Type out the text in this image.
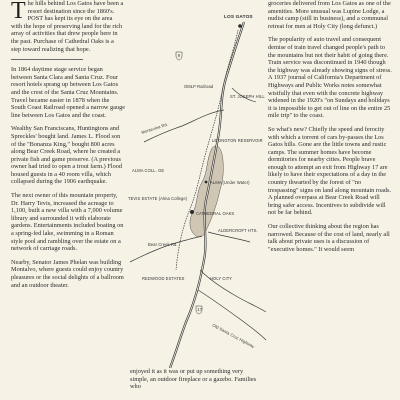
The hills behind Los Gatos have been a resort destination since the 1860's. POST has kept its eye on the area with the hope of preserving land for the rich array of activities that drew people here in the past. Purchase of Cathedral Oaks is a step toward realizing that hope.

In 1864 daytime stage service began between Santa Clara and Santa Cruz. Four resort hotels sprang up between Los Gatos and the crest of the Santa Cruz Mountains. Travel became easier in 1878 when the South Coast Railroad opened a narrow gauge line between Los Gatos and the coast.

Wealthy San Franciscans, Huntingtons and Spreckles' bought land. James L. Flood son of the "Bonanza King," bought 800 acres along Bear Creek Road, where he created a private fish and game preserve. (A previous owner had tried to open a trout farm.) Flood housed guests in a 40 room villa, which collapsed during the 1906 earthquake.

The next owner of this mountain property, Dr. Harry Tevis, increased the acreage to 1,100, built a new villa with a 7,000 volume library and surrounded it with elaborate gardens. Entertainments included boating on a spring-fed lake, swimming in a Roman style pool and rambling over the estate on a network of carriage roads.

Nearby, Senator James Phelan was building Montalvo, where guests could enjoy country pleasures or the social delights of a ballroom and an outdoor theater.

17
9
LOS GATOS
OMLP Railroad
ST. JOSEPH HILL
Montevina Rd.
LEXINGTON RESERVOIR
ALMA COLL. GE
ALMA (Under Water)
TEVIS ESTATE (Alma College)
CATHEDRAL OAKS
Bear Creek Rd.
ALDERCROFT HTS.
REDWOOD ESTATES	HOLY CITY
Old Santa Cruz Highway
enjoyed it as it was or put up something very simple, an outdoor fireplace or a gazebo. Families who

groceries delivered from Los Gatos as one of the amenities. More unusual was Lupine Lodge, a nudist camp (still in business), and a communal retreat for men at Holy City (long defunct.)

The popularity of auto travel and consequent demise of train travel changed people's path to the mountains but not their habit of going there. Train service was discontinued in 1940 though the highway was already showing signs of stress. A 1937 journal of California's Department of Highways and Public Works notes somewhat wistfully that even with the concrete highway widened in the 1920's "on Sundays and holidays it is impossible to get out of line on the entire 25 mile trip" to the coast.

So what's new? Chiefly the speed and ferocity with which a torrent of cars by-passes the Los Gatos hills. Gone are the little towns and rustic camps. The summer homes have become dormitories for nearby cities. People brave enough to attempt an exit from Highway 17 are likely to have their expectations of a day in the country thwarted by the forest of "no trespassing" signs on land along mountain roads. A planned overpass at Bear Creek Road will bring safer access. Incentives to subdivide will not be far behind.

Our collective thinking about the region has narrowed. Because of the cost of land, nearly all talk about private uses is a discussion of "executive homes." It would seem
